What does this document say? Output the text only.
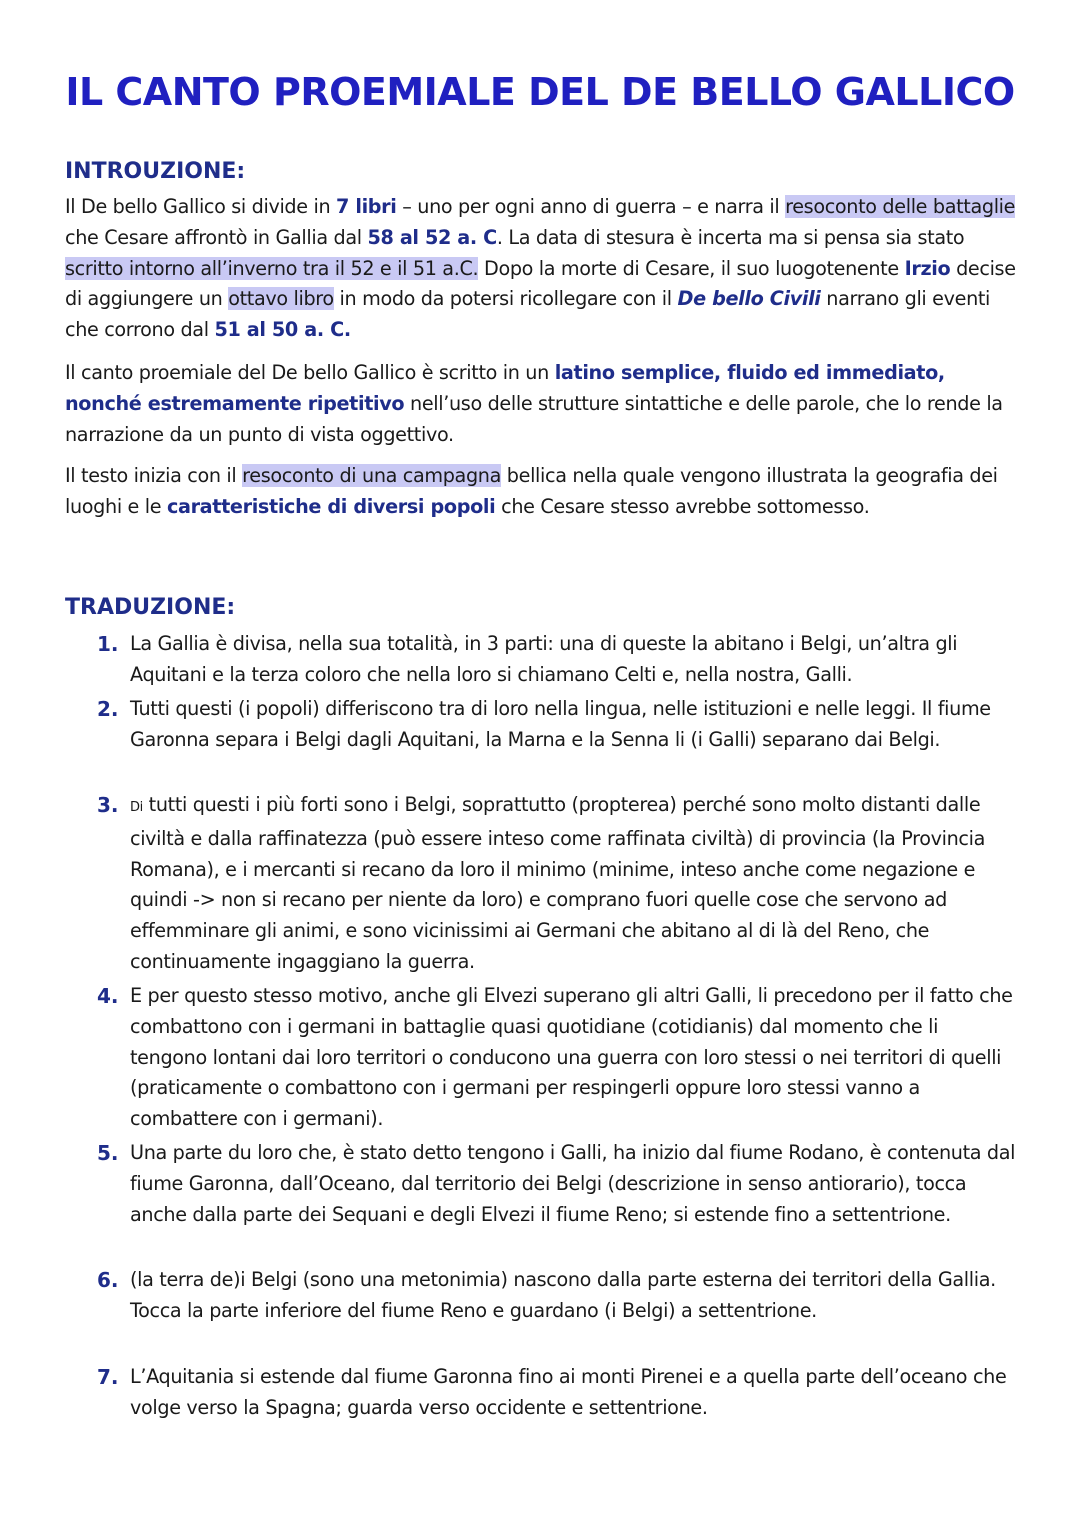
IL CANTO PROEMIALE DEL DE BELLO GALLICO
INTROUZIONE:

Il De bello Gallico si divide in 7 libri – uno per ogni anno di guerra – e narra il resoconto delle battaglie che Cesare affrontò in Gallia dal 58 al 52 a. C. La data di stesura è incerta ma si pensa sia stato scritto intorno all’inverno tra il 52 e il 51 a.C. Dopo la morte di Cesare, il suo luogotenente Irzio decise di aggiungere un ottavo libro in modo da potersi ricollegare con il De bello Civili narrano gli eventi che corrono dal 51 al 50 a. C.

Il canto proemiale del De bello Gallico è scritto in un latino semplice, fluido ed immediato, nonché estremamente ripetitivo nell’uso delle strutture sintattiche e delle parole, che lo rende la narrazione da un punto di vista oggettivo.

Il testo inizia con il resoconto di una campagna bellica nella quale vengono illustrata la geografia dei luoghi e le caratteristiche di diversi popoli che Cesare stesso avrebbe sottomesso.

TRADUZIONE:
1. La Gallia è divisa, nella sua totalità, in 3 parti: una di queste la abitano i Belgi, un’altra gli Aquitani e la terza coloro che nella loro si chiamano Celti e, nella nostra, Galli.

2. Tutti questi (i popoli) differiscono tra di loro nella lingua, nelle istituzioni e nelle leggi. Il fiume Garonna separa i Belgi dagli Aquitani, la Marna e la Senna li (i Galli) separano dai Belgi.

3. Di tutti questi i più forti sono i Belgi, soprattutto (propterea) perché sono molto distanti dalle civiltà e dalla raffinatezza (può essere inteso come raffinata civiltà) di provincia (la Provincia Romana), e i mercanti si recano da loro il minimo (minime, inteso anche come negazione e quindi -> non si recano per niente da loro) e comprano fuori quelle cose che servono ad effemminare gli animi, e sono vicinissimi ai Germani che abitano al di là del Reno, che continuamente ingaggiano la guerra.

4. E per questo stesso motivo, anche gli Elvezi superano gli altri Galli, li precedono per il fatto che combattono con i germani in battaglie quasi quotidiane (cotidianis) dal momento che li tengono lontani dai loro territori o conducono una guerra con loro stessi o nei territori di quelli (praticamente o combattono con i germani per respingerli oppure loro stessi vanno a combattere con i germani).

5. Una parte du loro che, è stato detto tengono i Galli, ha inizio dal fiume Rodano, è contenuta dal fiume Garonna, dall’Oceano, dal territorio dei Belgi (descrizione in senso antiorario), tocca anche dalla parte dei Sequani e degli Elvezi il fiume Reno; si estende fino a settentrione.

6. (la terra de)i Belgi (sono una metonimia) nascono dalla parte esterna dei territori della Gallia. Tocca la parte inferiore del fiume Reno e guardano (i Belgi) a settentrione.

7. L’Aquitania si estende dal fiume Garonna fino ai monti Pirenei e a quella parte dell’oceano che volge verso la Spagna; guarda verso occidente e settentrione.
